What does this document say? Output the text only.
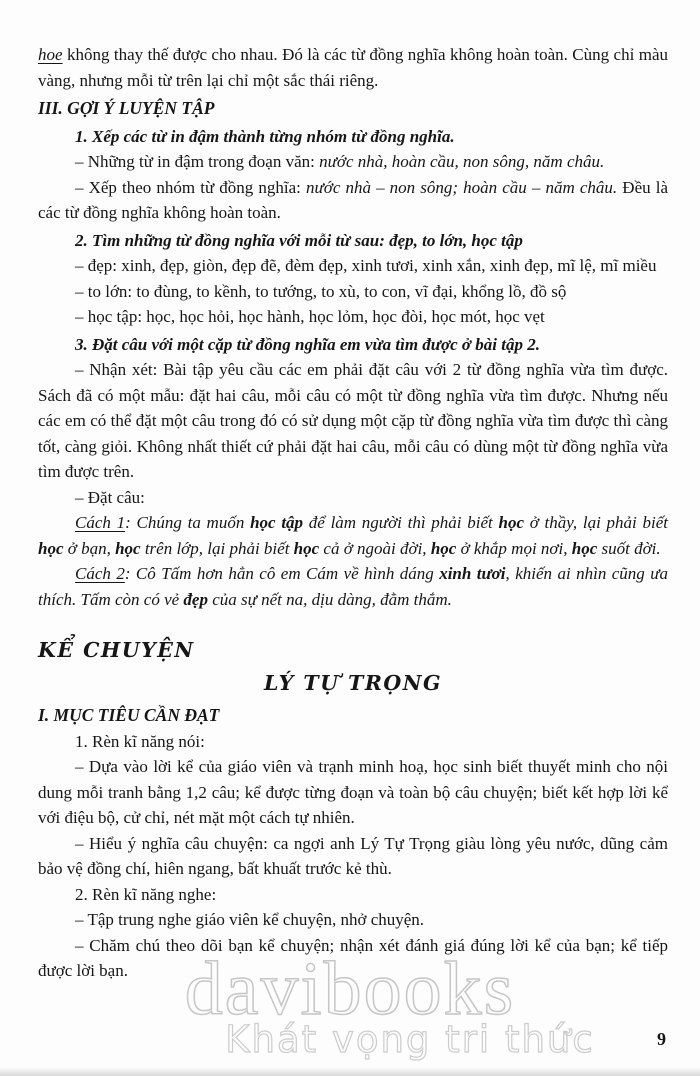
davibooks
Khát vọng tri thức

hoe không thay thế được cho nhau. Đó là các từ đồng nghĩa không hoàn toàn. Cùng chỉ màu vàng, nhưng mỗi từ trên lại chỉ một sắc thái riêng.

III. GỢI Ý LUYỆN TẬP

1. Xếp các từ in đậm thành từng nhóm từ đồng nghĩa.

– Những từ in đậm trong đoạn văn: nước nhà, hoàn cầu, non sông, năm châu.

– Xếp theo nhóm từ đồng nghĩa: nước nhà – non sông; hoàn cầu – năm châu. Đều là các từ đồng nghĩa không hoàn toàn.

2. Tìm những từ đồng nghĩa với mỗi từ sau: đẹp, to lớn, học tập

– đẹp: xinh, đẹp, giòn, đẹp đẽ, đèm đẹp, xinh tươi, xinh xắn, xinh đẹp, mĩ lệ, mĩ miều

– to lớn: to đùng, to kềnh, to tướng, to xù, to con, vĩ đại, khổng lồ, đồ sộ

– học tập: học, học hỏi, học hành, học lỏm, học đòi, học mót, học vẹt

3. Đặt câu với một cặp từ đồng nghĩa em vừa tìm được ở bài tập 2.

– Nhận xét: Bài tập yêu cầu các em phải đặt câu với 2 từ đồng nghĩa vừa tìm được. Sách đã có một mẫu: đặt hai câu, mỗi câu có một từ đồng nghĩa vừa tìm được. Nhưng nếu các em có thể đặt một câu trong đó có sử dụng một cặp từ đồng nghĩa vừa tìm được thì càng tốt, càng giỏi. Không nhất thiết cứ phải đặt hai câu, mỗi câu có dùng một từ đồng nghĩa vừa tìm được trên.

– Đặt câu:

Cách 1: Chúng ta muốn học tập để làm người thì phải biết học ở thầy, lại phải biết học ở bạn, học trên lớp, lại phải biết học cả ở ngoài đời, học ở khắp mọi nơi, học suốt đời.

Cách 2: Cô Tấm hơn hẳn cô em Cám về hình dáng xinh tươi, khiến ai nhìn cũng ưa thích. Tấm còn có vẻ đẹp của sự nết na, dịu dàng, đằm thắm.

KỂ CHUYỆN

LÝ TỰ TRỌNG

I. MỤC TIÊU CẦN ĐẠT

1. Rèn kĩ năng nói:

– Dựa vào lời kể của giáo viên và trạnh minh hoạ, học sinh biết thuyết minh cho nội dung mỗi tranh bằng 1,2 câu; kể được từng đoạn và toàn bộ câu chuyện; biết kết hợp lời kể với điệu bộ, cử chỉ, nét mặt một cách tự nhiên.

– Hiểu ý nghĩa câu chuyện: ca ngợi anh Lý Tự Trọng giàu lòng yêu nước, dũng cảm bảo vệ đồng chí, hiên ngang, bất khuất trước kẻ thù.

2. Rèn kĩ năng nghe:

– Tập trung nghe giáo viên kể chuyện, nhở chuyện.

– Chăm chú theo dõi bạn kể chuyện; nhận xét đánh giá đúng lời kể của bạn; kể tiếp được lời bạn.

9
